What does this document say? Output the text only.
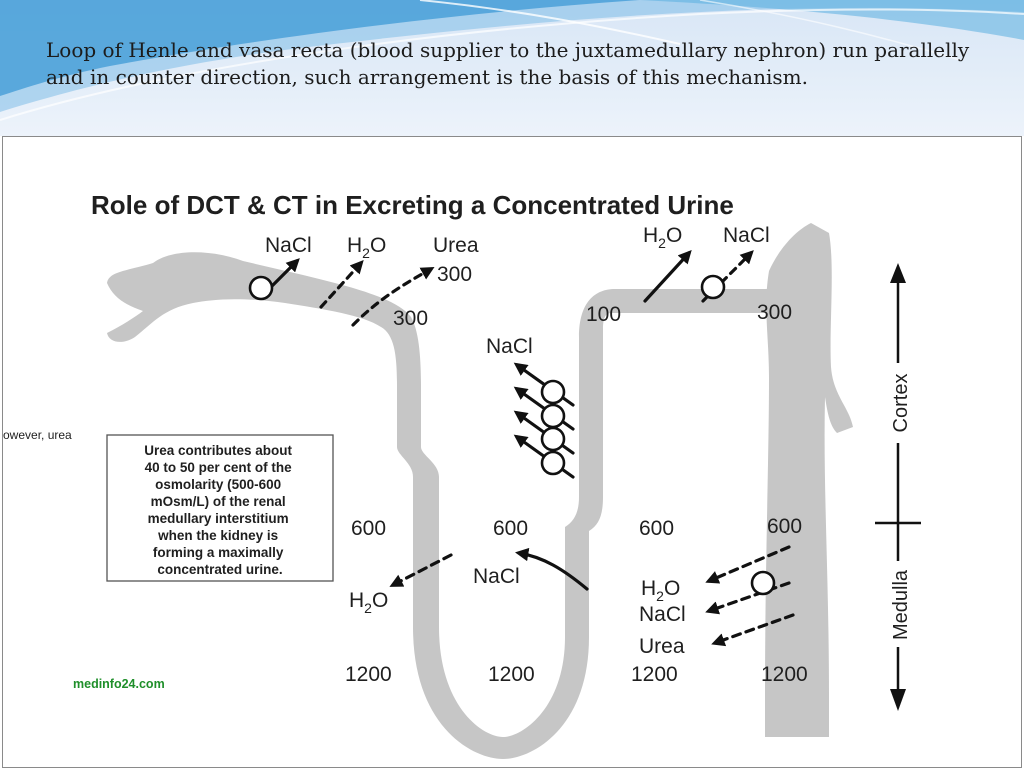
Loop of Henle and vasa recta (blood supplier to the juxtamedullary nephron) run parallelly and in counter direction, such arrangement is the basis of this mechanism.

Role of DCT & CT in Excreting a Concentrated Urine
owever, urea
NaCl $H_2O$ Urea	$H_2O$ NaCl
NaCl
300
300	100	300
600	600	600	600
1200	1200	1200	1200
$H_2O$
NaCl
$H_2O$
NaCl
Urea
Urea contributes about 40 to 50 per cent of the osmolarity (500-600 mOsm/L) of the renal medullary interstitium when the kidney is forming a maximally concentrated urine.
medinfo24.com
Cortex
Medulla
